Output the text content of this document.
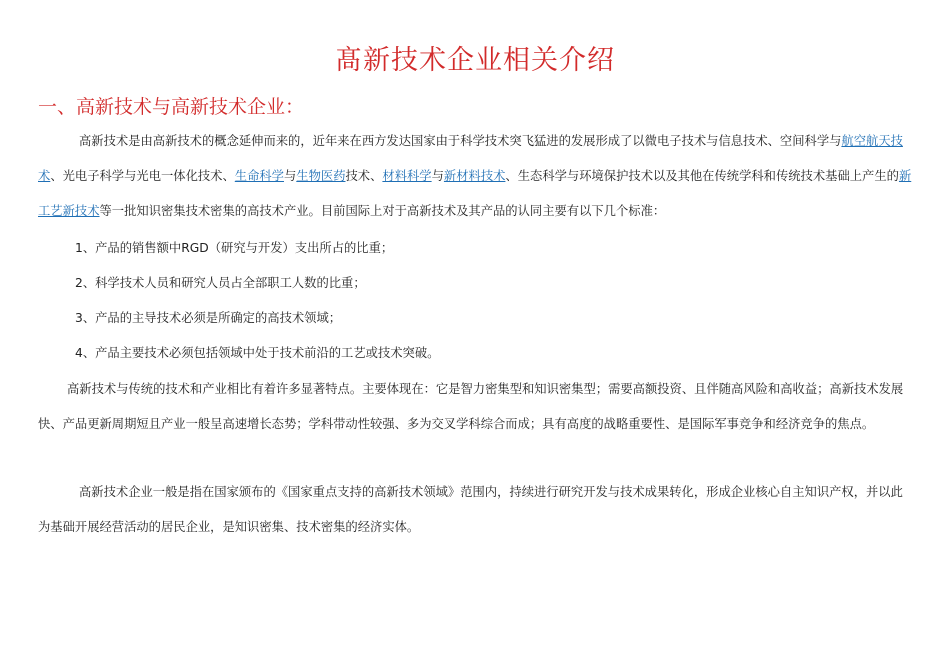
髙新技术企业相关介绍
一、高新技术与高新技术企业：

高新技术是由高新技术的概念延伸而来的，近年来在西方发达国家由于科学技术突飞猛进的发展形成了以微电子技术与信息技术、空间科学与航空航天技术、光电子科学与光电一体化技术、生命科学与生物医药技术、材料科学与新材料技术、生态科学与环境保护技术以及其他在传统学科和传统技术基础上产生的新工艺新技术等一批知识密集技术密集的高技术产业。目前国际上对于高新技术及其产品的认同主要有以下几个标准：

1、产品的销售额中RGD（研究与开发）支出所占的比重；
2、科学技术人员和研究人员占全部职工人数的比重；
3、产品的主导技术必须是所确定的高技术领域；
4、产品主要技术必须包括领域中处于技术前沿的工艺或技术突破。

高新技术与传统的技术和产业相比有着许多显著特点。主要体现在：它是智力密集型和知识密集型；需要高额投资、且伴随高风险和高收益；高新技术发展快、产品更新周期短且产业一般呈高速增长态势；学科带动性较强、多为交叉学科综合而成；具有高度的战略重要性、是国际军事竞争和经济竞争的焦点。

高新技术企业一般是指在国家颁布的《国家重点支持的高新技术领域》范围内，持续进行研究开发与技术成果转化，形成企业核心自主知识产权，并以此为基础开展经营活动的居民企业，是知识密集、技术密集的经济实体。
